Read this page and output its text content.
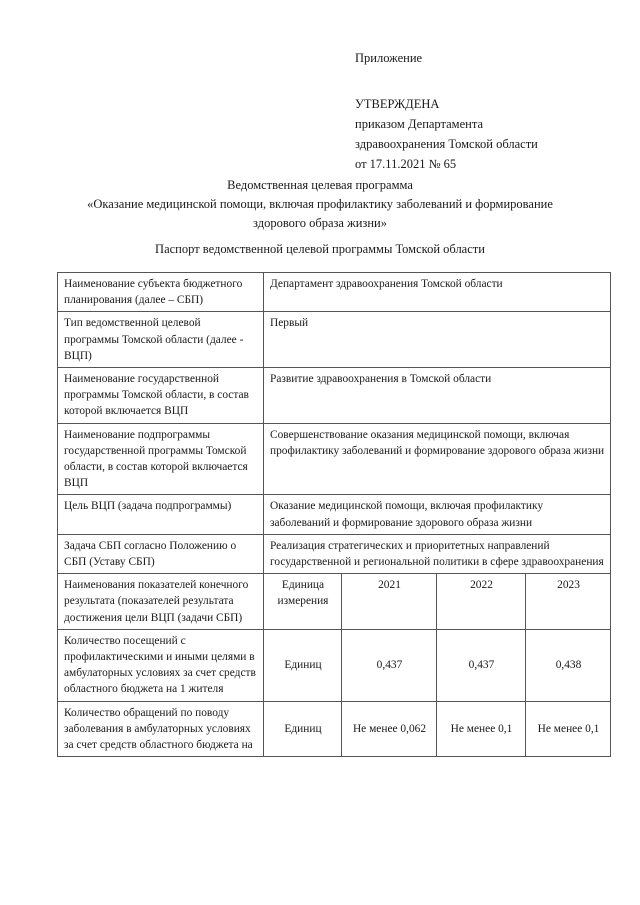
Приложение

УТВЕРЖДЕНА

приказом Департамента

здравоохранения Томской области

от 17.11.2021 № 65

Ведомственная целевая программа

«Оказание медицинской помощи, включая профилактику заболеваний и формирование

здорового образа жизни»

Паспорт ведомственной целевой программы Томской области
Наименование субъекта бюджетного планирования (далее – СБП)	Департамент здравоохранения Томской области			
Тип ведомственной целевой программы Томской области (далее - ВЦП)	Первый			
Наименование государственной программы Томской области, в состав которой включается ВЦП	Развитие здравоохранения в Томской области			
Наименование подпрограммы государственной программы Томской области, в состав которой включается ВЦП	Совершенствование оказания медицинской помощи, включая профилактику заболеваний и формирование здорового образа жизни			
Цель ВЦП (задача подпрограммы)	Оказание медицинской помощи, включая профилактику заболеваний и формирование здорового образа жизни			
Задача СБП согласно Положению о СБП (Уставу СБП)	Реализация стратегических и приоритетных направлений государственной и региональной политики в сфере здравоохранения			
Наименования показателей конечного результата (показателей результата достижения цели ВЦП (задачи СБП)	Единица измерения	2021	2022	2023
Количество посещений с профилактическими и иными целями в амбулаторных условиях за счет средств областного бюджета на 1 жителя	Единиц	0,437	0,437	0,438
Количество обращений по поводу заболевания в амбулаторных условиях за счет средств областного бюджета на	Единиц	Не менее 0,062	Не менее 0,1	Не менее 0,1
